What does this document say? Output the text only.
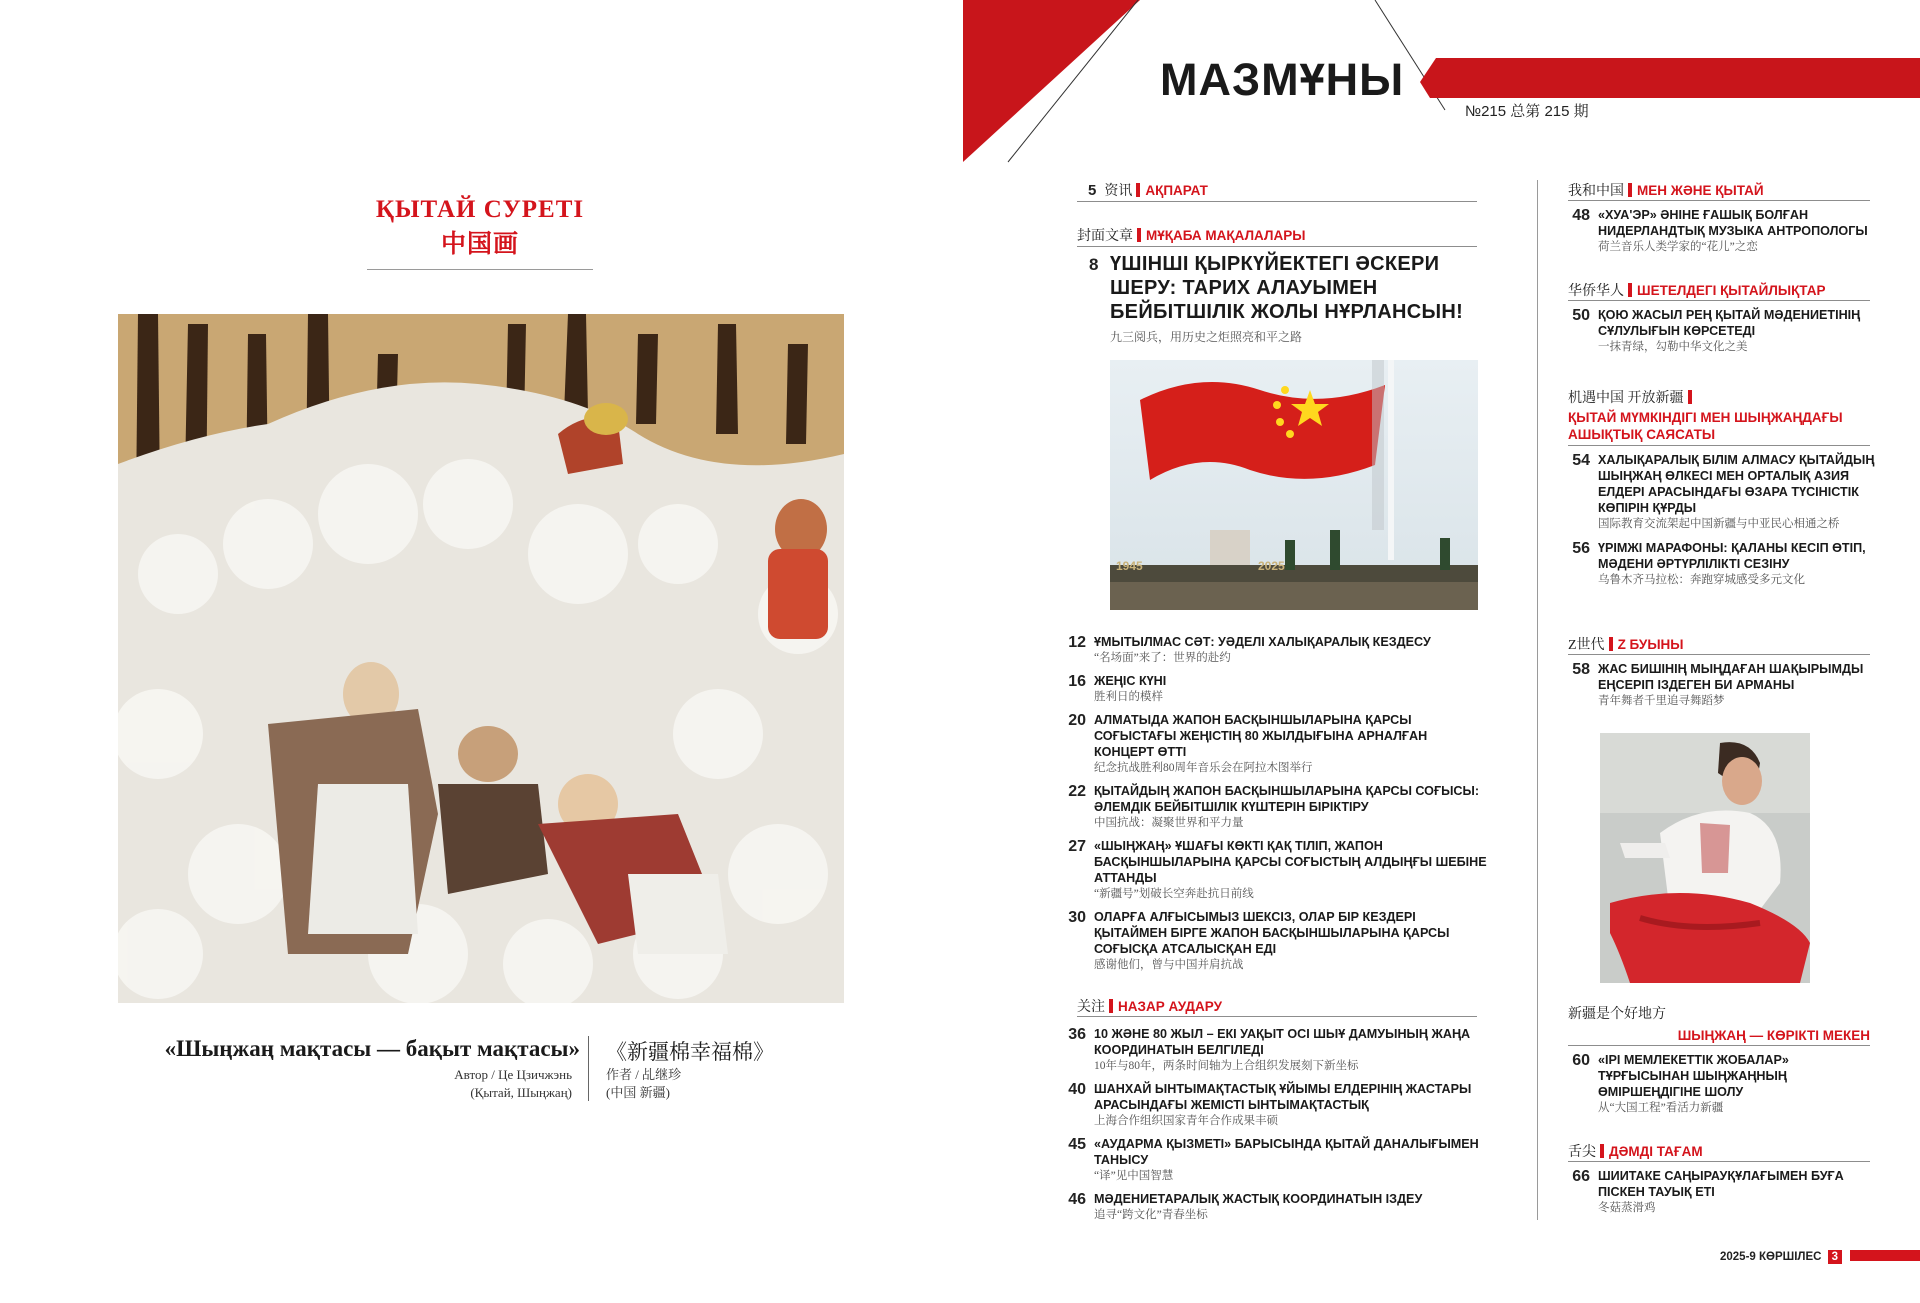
ҚЫТАЙ СУРЕТІ 中国画
«Шыңжаң мақтасы — бақыт мақтасы» 《新疆棉幸福棉》
Автор / Це Цзичжэнь
(Қытай, Шыңжаң)
作者 / 乩继珍
(中国 新疆)
МАЗМҰНЫ
№215 总第 215 期
5 资讯 АҚПАРАТ
封面文章 МҰҚАБА МАҚАЛАЛАРЫ
8 ҮШІНШІ ҚЫРКҮЙЕКТЕГІ ӘСКЕРИ ШЕРУ: ТАРИХ АЛАУЫМЕН БЕЙБІТШІЛІК ЖОЛЫ НҰРЛАНСЫН!
九三阅兵，用历史之炬照亮和平之路
1945	2025
12 ҰМЫТЫЛМАС СӘТ: УӘДЕЛІ ХАЛЫҚАРАЛЫҚ КЕЗДЕСУ
“名场面”来了：世界的赴约
16 ЖЕҢІС КҮНІ
胜利日的模样
20 АЛМАТЫДА ЖАПОН БАСҚЫНШЫЛАРЫНА ҚАРСЫ СОҒЫСТАҒЫ ЖЕҢІСТІҢ 80 ЖЫЛДЫҒЫНА АРНАЛҒАН КОНЦЕРТ ӨТТІ
纪念抗战胜利80周年音乐会在阿拉木图举行
22 ҚЫТАЙДЫҢ ЖАПОН БАСҚЫНШЫЛАРЫНА ҚАРСЫ СОҒЫСЫ: ӘЛЕМДІК БЕЙБІТШІЛІК КҮШТЕРІН БІРІКТІРУ
中国抗战：凝聚世界和平力量
27 «ШЫҢЖАҢ» ҰШАҒЫ КӨКТІ ҚАҚ ТІЛІП, ЖАПОН БАСҚЫНШЫЛАРЫНА ҚАРСЫ СОҒЫСТЫҢ АЛДЫҢҒЫ ШЕБІНЕ АТТАНДЫ
“新疆号”划破长空奔赴抗日前线
30 ОЛАРҒА АЛҒЫСЫМЫЗ ШЕКСІЗ, ОЛАР БІР КЕЗДЕРІ ҚЫТАЙМЕН БІРГЕ ЖАПОН БАСҚЫНШЫЛАРЫНА ҚАРСЫ СОҒЫСҚА АТСАЛЫСҚАН ЕДІ
感谢他们，曾与中国并肩抗战
关注 НАЗАР АУДАРУ
36 10 ЖӘНЕ 80 ЖЫЛ – ЕКІ УАҚЫТ ОСІ ШЫҰ ДАМУЫНЫҢ ЖАҢА КООРДИНАТЫН БЕЛГІЛЕДІ
10年与80年，两条时间轴为上合组织发展刻下新坐标
40 ШАНХАЙ ЫНТЫМАҚТАСТЫҚ ҰЙЫМЫ ЕЛДЕРІНІҢ ЖАСТАРЫ АРАСЫНДАҒЫ ЖЕМІСТІ ЫНТЫМАҚТАСТЫҚ
上海合作组织国家青年合作成果丰硕
45 «АУДАРМА ҚЫЗМЕТІ» БАРЫСЫНДА ҚЫТАЙ ДАНАЛЫҒЫМЕН ТАНЫСУ
“译”见中国智慧
46 МӘДЕНИЕТАРАЛЫҚ ЖАСТЫҚ КООРДИНАТЫН ІЗДЕУ
追寻“跨文化”青春坐标
我和中国 МЕН ЖӘНЕ ҚЫТАЙ
48 «ХУА'ЭР» ӘНІНЕ ҒАШЫҚ БОЛҒАН НИДЕРЛАНДТЫҚ МУЗЫКА АНТРОПОЛОГЫ
荷兰音乐人类学家的“花儿”之恋
华侨华人 ШЕТЕЛДЕГІ ҚЫТАЙЛЫҚТАР
50 ҚОЮ ЖАСЫЛ РЕҢ ҚЫТАЙ МӘДЕНИЕТІНІҢ СҰЛУЛЫҒЫН КӨРСЕТЕДІ
一抹青绿，勾勒中华文化之美
机遇中国 开放新疆
ҚЫТАЙ МҮМКІНДІГІ МЕН ШЫҢЖАҢДАҒЫ АШЫҚТЫҚ САЯСАТЫ
54 ХАЛЫҚАРАЛЫҚ БІЛІМ АЛМАСУ ҚЫТАЙДЫҢ ШЫҢЖАҢ ӨЛКЕСІ МЕН ОРТАЛЫҚ АЗИЯ ЕЛДЕРІ АРАСЫНДАҒЫ ӨЗАРА ТҮСІНІСТІК КӨПІРІН ҚҰРДЫ
国际教育交流架起中国新疆与中亚民心相通之桥
56 ҮРІМЖІ МАРАФОНЫ: ҚАЛАНЫ КЕСІП ӨТІП, МӘДЕНИ ӘРТҮРЛІЛІКТІ СЕЗІНУ
乌鲁木齐马拉松：奔跑穿城感受多元文化
Z世代 Z БУЫНЫ
58 ЖАС БИШІНІҢ МЫҢДАҒАН ШАҚЫРЫМДЫ ЕҢСЕРІП ІЗДЕГЕН БИ АРМАНЫ
青年舞者千里追寻舞蹈梦
新疆是个好地方
ШЫҢЖАҢ — КӨРІКТІ МЕКЕН
60 «ІРІ МЕМЛЕКЕТТІК ЖОБАЛАР» ТҰРҒЫСЫНАН ШЫҢЖАҢНЫҢ ӨМІРШЕҢДІГІНЕ ШОЛУ
从“大国工程”看活力新疆
舌尖 ДӘМДІ ТАҒАМ
66 ШИИТАКЕ САҢЫРАУҚҰЛАҒЫМЕН БУҒА ПІСКЕН ТАУЫҚ ЕТІ
冬菇蒸滑鸡
2025-9 КӨРШІЛЕС 3
